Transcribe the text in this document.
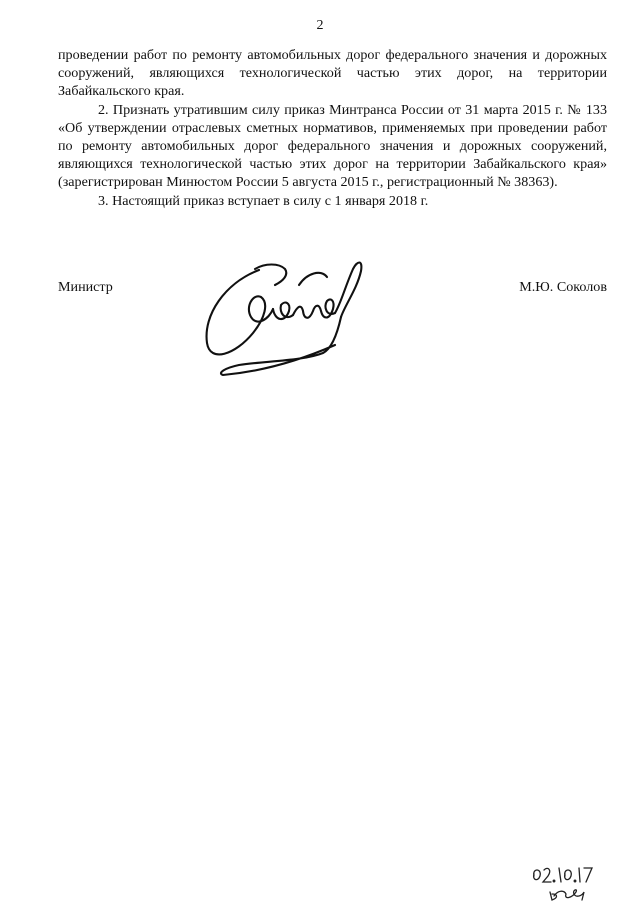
2

проведении работ по ремонту автомобильных дорог федерального значения и дорожных сооружений, являющихся технологической частью этих дорог, на территории Забайкальского края.

2. Признать утратившим силу приказ Минтранса России от 31 марта 2015 г. № 133 «Об утверждении отраслевых сметных нормативов, применяемых при проведении работ по ремонту автомобильных дорог федерального значения и дорожных сооружений, являющихся технологической частью этих дорог на территории Забайкальского края» (зарегистрирован Минюстом России 5 августа 2015 г., регистрационный № 38363).

3. Настоящий приказ вступает в силу с 1 января 2018 г.

Министр	М.Ю. Соколов
